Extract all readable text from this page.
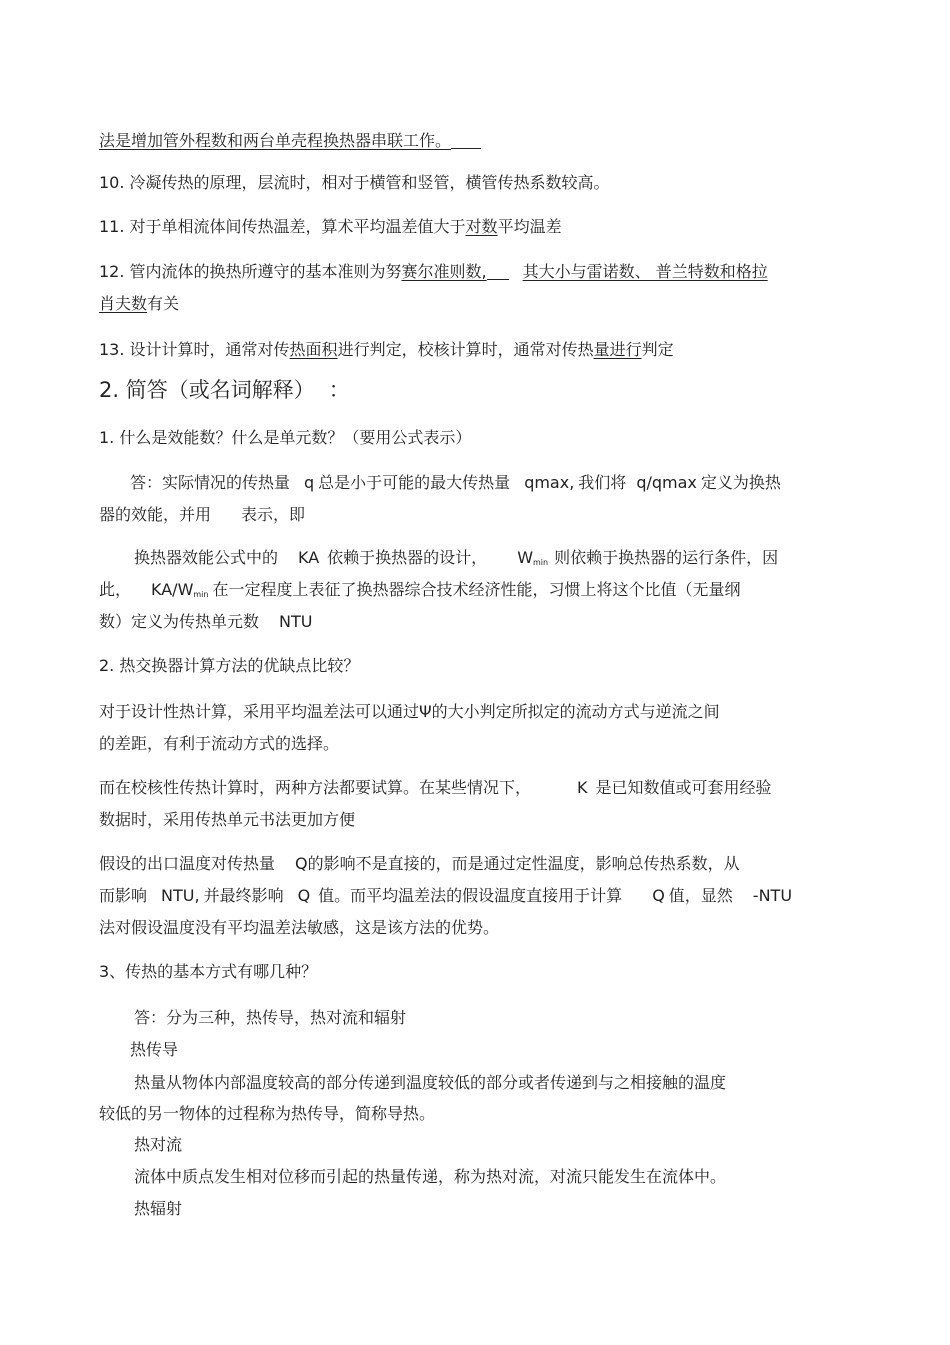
法是增加管外程数和两台单壳程换热器串联工作。
10. 冷凝传热的原理，层流时，相对于横管和竖管，横管传热系数较高。
11. 对于单相流体间传热温差，算术平均温差值大于对数平均温差
12. 管内流体的换热所遵守的基本准则为努赛尔准则数, 其大小与雷诺数、 普兰特数和格拉
肖夫数有关
13. 设计计算时，通常对传热面积进行判定，校核计算时，通常对传热量进行判定
2. 简答（或名词解释） ：
1. 什么是效能数？什么是单元数？（要用公式表示）
答：实际情况的传热量 q 总是小于可能的最大传热量 qmax, 我们将 q/qmax 定义为换热
器的效能，并用 表示，即
换热器效能公式中的 KA 依赖于换热器的设计， $W_{min}$ 则依赖于换热器的运行条件，因
此， $KA/W_{min}$ 在一定程度上表征了换热器综合技术经济性能，习惯上将这个比值（无量纲
数）定义为传热单元数 NTU
2. 热交换器计算方法的优缺点比较？
对于设计性热计算，采用平均温差法可以通过Ψ的大小判定所拟定的流动方式与逆流之间
的差距，有利于流动方式的选择。
而在校核性传热计算时，两种方法都要试算。在某些情况下，	K 是已知数值或可套用经验
数据时，采用传热单元书法更加方便
假设的出口温度对传热量 Q的影响不是直接的，而是通过定性温度，影响总传热系数，从
而影响 NTU, 并最终影响 Q 值。而平均温差法的假设温度直接用于计算 Q 值，显然 -NTU
法对假设温度没有平均温差法敏感，这是该方法的优势。
3、传热的基本方式有哪几种？
答：分为三种，热传导，热对流和辐射
热传导
热量从物体内部温度较高的部分传递到温度较低的部分或者传递到与之相接触的温度
较低的另一物体的过程称为热传导，简称导热。
热对流
流体中质点发生相对位移而引起的热量传递，称为热对流，对流只能发生在流体中。
热辐射
